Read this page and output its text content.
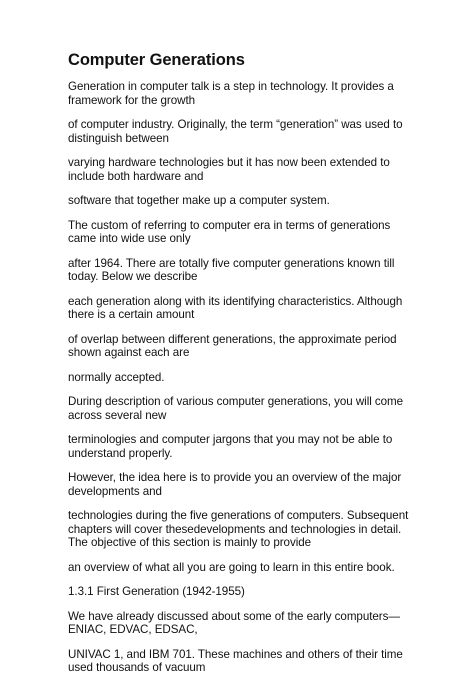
Computer Generations

Generation in computer talk is a step in technology. It provides a framework for the growth

of computer industry. Originally, the term “generation” was used to distinguish between

varying hardware technologies but it has now been extended to include both hardware and

software that together make up a computer system.

The custom of referring to computer era in terms of generations came into wide use only

after 1964. There are totally five computer generations known till today. Below we describe

each generation along with its identifying characteristics. Although there is a certain amount

of overlap between different generations, the approximate period shown against each are

normally accepted.

During description of various computer generations, you will come across several new

terminologies and computer jargons that you may not be able to understand properly.

However, the idea here is to provide you an overview of the major developments and

technologies during the five generations of computers. Subsequent chapters will cover thesedevelopments and technologies in detail. The objective of this section is mainly to provide

an overview of what all you are going to learn in this entire book.

1.3.1 First Generation (1942-1955)

We have already discussed about some of the early computers—ENIAC, EDVAC, EDSAC,

UNIVAC 1, and IBM 701. These machines and others of their time used thousands of vacuum
